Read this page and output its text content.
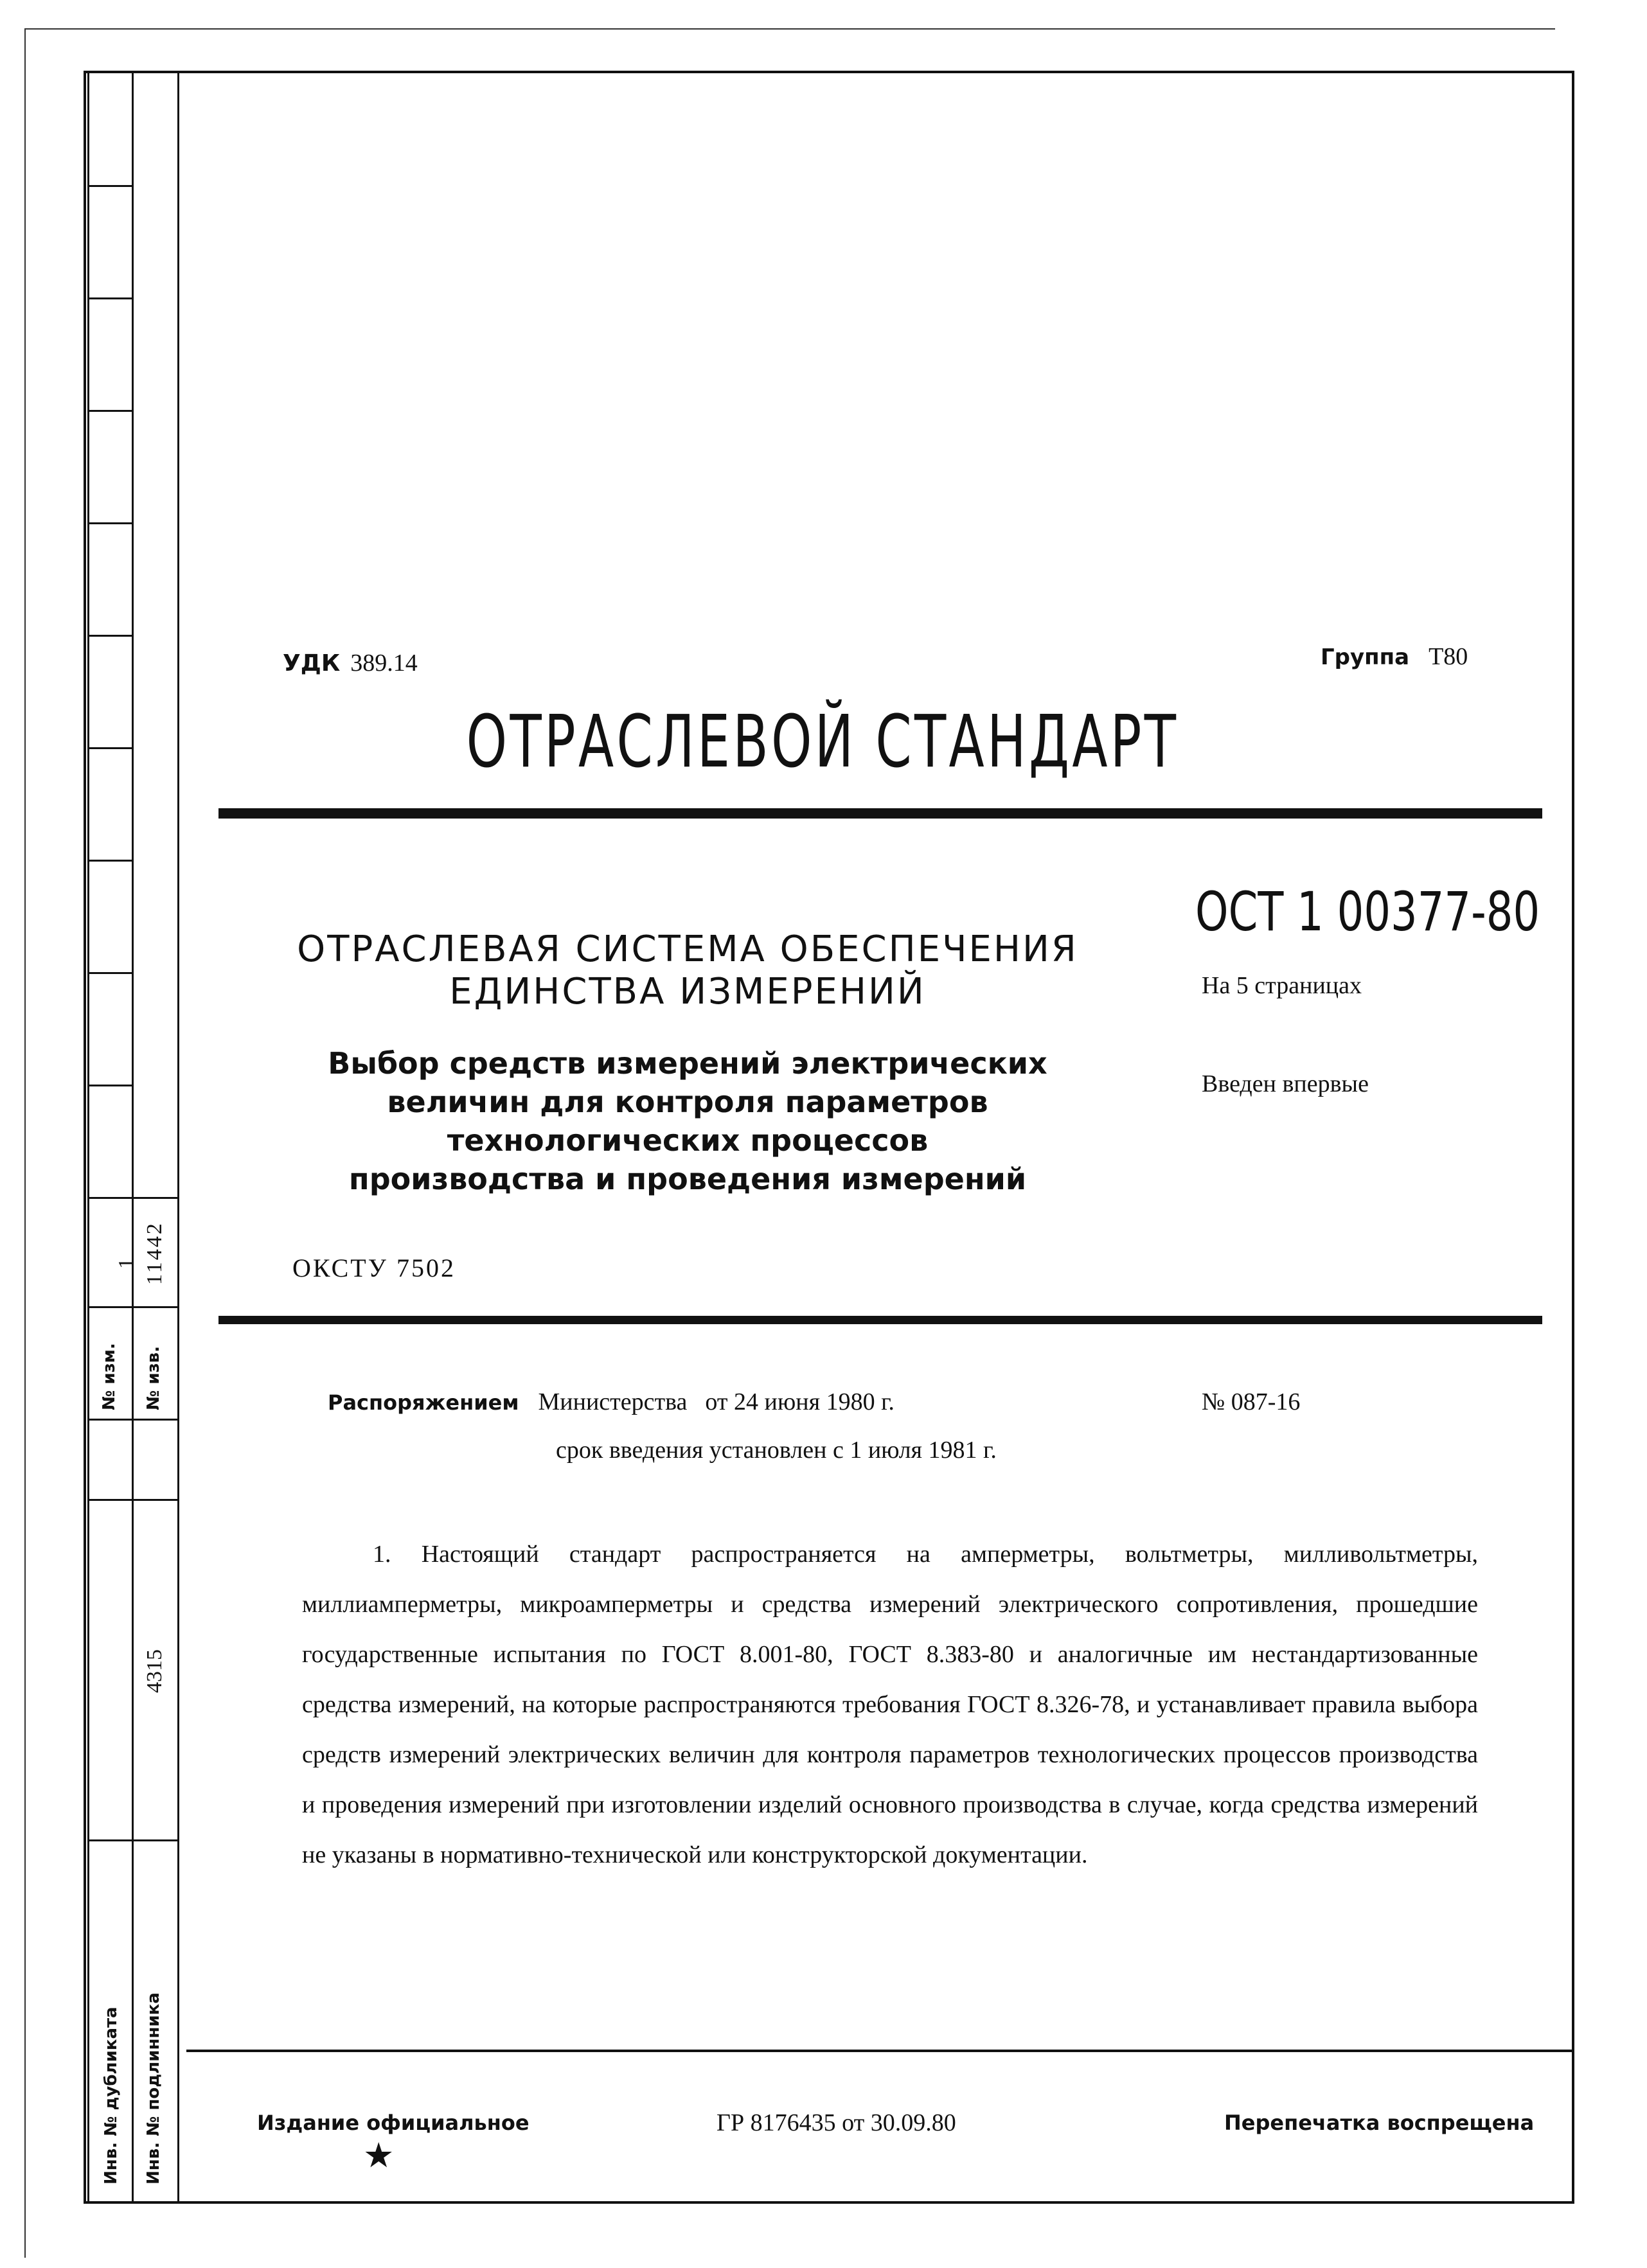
1 11442
№ изм. № изв.
4315
Инв. № дубликата Инв. № подлинника
УДК 389.14	Группа Т80
ОТРАСЛЕВОЙ СТАНДАРТ
ОСТ 1 00377-80
На 5 страницах
Введен впервые
ОТРАСЛЕВАЯ СИСТЕМА ОБЕСПЕЧЕНИЯ
ЕДИНСТВА ИЗМЕРЕНИЙ
Выбор средств измерений электрических
величин для контроля параметров
технологических процессов
производства и проведения измерений
ОКСТУ 7502
Распоряжением Министерства от 24 июня 1980 г.	№ 087-16
срок введения установлен с 1 июля 1981 г.
1. Настоящий стандарт распространяется на амперметры, вольтметры, милливольтметры, миллиамперметры, микроамперметры и средства измерений электрического сопротивления, прошедшие государственные испытания по ГОСТ 8.001-80, ГОСТ 8.383-80 и аналогичные им нестандартизованные средства измерений, на которые распространяются требования ГОСТ 8.326-78, и устанавливает правила выбора средств измерений электрических величин для контроля параметров технологических процессов производства и проведения измерений при изготовлении изделий основного производства в случае, когда средства измерений не указаны в нормативно-технической или конструкторской документации.
Издание официальное
★
ГР 8176435 от 30.09.80	Перепечатка воспрещена
